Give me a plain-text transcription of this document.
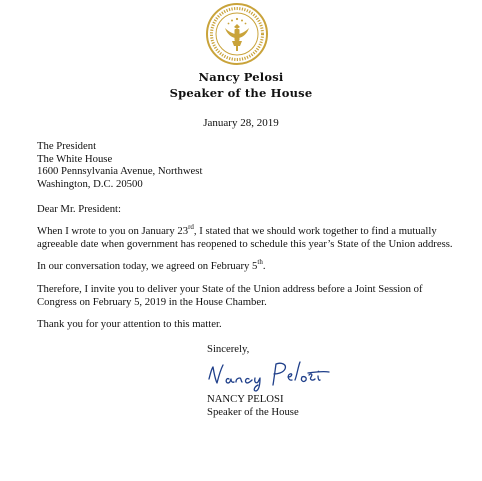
Nancy Pelosi
Speaker of the House
January 28, 2019
The President
The White House
1600 Pennsylvania Avenue, Northwest
Washington, D.C. 20500
Dear Mr. President:
When I wrote to you on January 23rd, I stated that we should work together to find a mutually agreeable date when government has reopened to schedule this year’s State of the Union address.
In our conversation today, we agreed on February 5th.
Therefore, I invite you to deliver your State of the Union address before a Joint Session of Congress on February 5, 2019 in the House Chamber.
Thank you for your attention to this matter.
Sincerely,
NANCY PELOSI
Speaker of the House
